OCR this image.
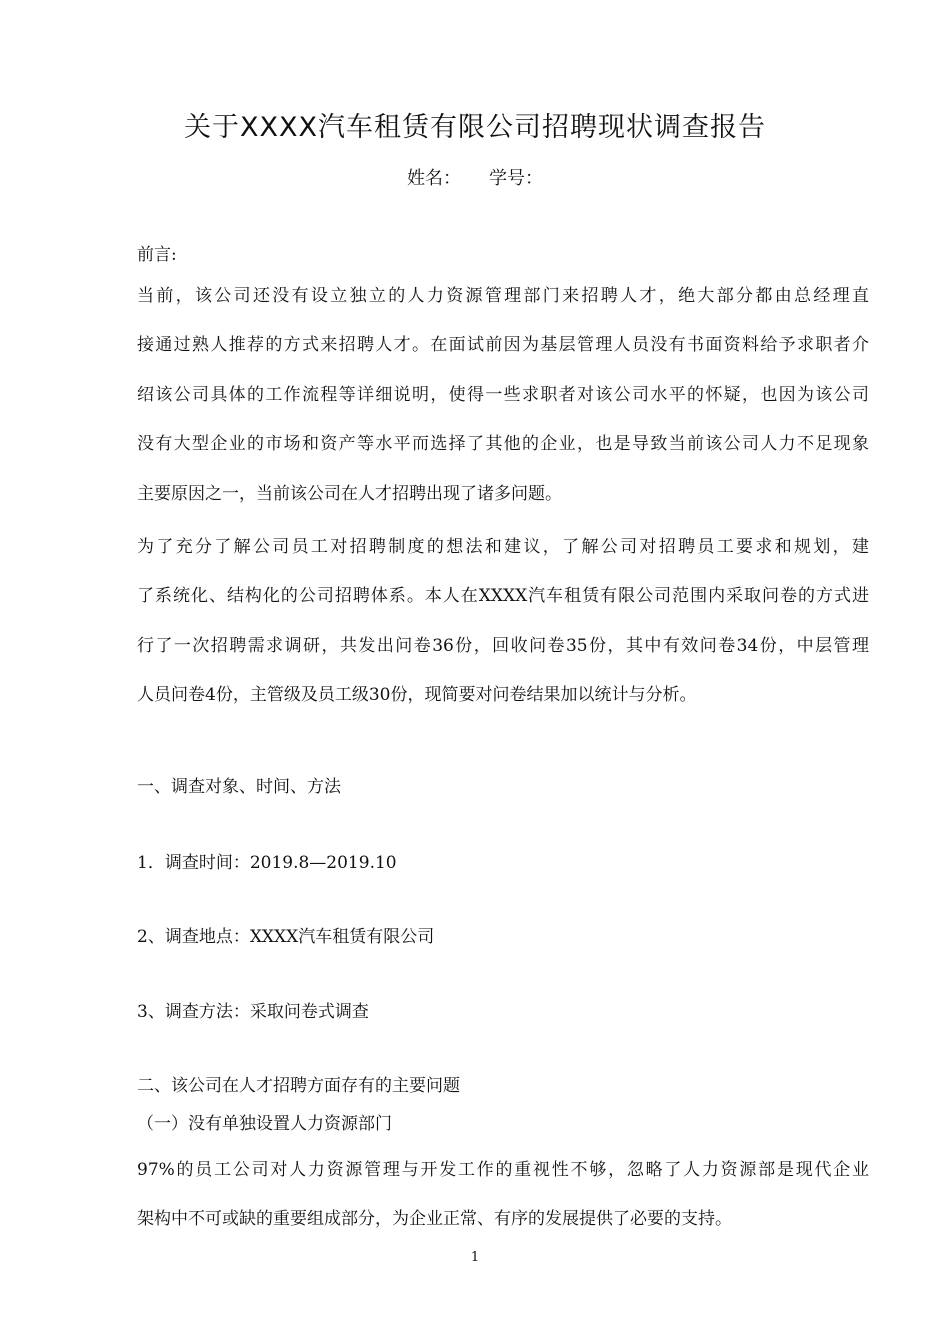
关于XXXX汽车租赁有限公司招聘现状调查报告
姓名： 学号：

前言:

当前，该公司还没有设立独立的人力资源管理部门来招聘人才，绝大部分都由总经理直

接通过熟人推荐的方式来招聘人才。在面试前因为基层管理人员没有书面资料给予求职者介

绍该公司具体的工作流程等详细说明，使得一些求职者对该公司水平的怀疑，也因为该公司

没有大型企业的市场和资产等水平而选择了其他的企业，也是导致当前该公司人力不足现象

主要原因之一，当前该公司在人才招聘出现了诸多问题。

为了充分了解公司员工对招聘制度的想法和建议，了解公司对招聘员工要求和规划，建

了系统化、结构化的公司招聘体系。本人在XXXX汽车租赁有限公司范围内采取问卷的方式进

行了一次招聘需求调研，共发出问卷36份，回收问卷35份，其中有效问卷34份，中层管理

人员问卷4份，主管级及员工级30份，现简要对问卷结果加以统计与分析。

一、调查对象、时间、方法

1．调查时间：2019.8—2019.10

2、调查地点：XXXX汽车租赁有限公司

3、调查方法：采取问卷式调查

二、该公司在人才招聘方面存有的主要问题

（一）没有单独设置人力资源部门

97%的员工公司对人力资源管理与开发工作的重视性不够，忽略了人力资源部是现代企业

架构中不可或缺的重要组成部分，为企业正常、有序的发展提供了必要的支持。

1
